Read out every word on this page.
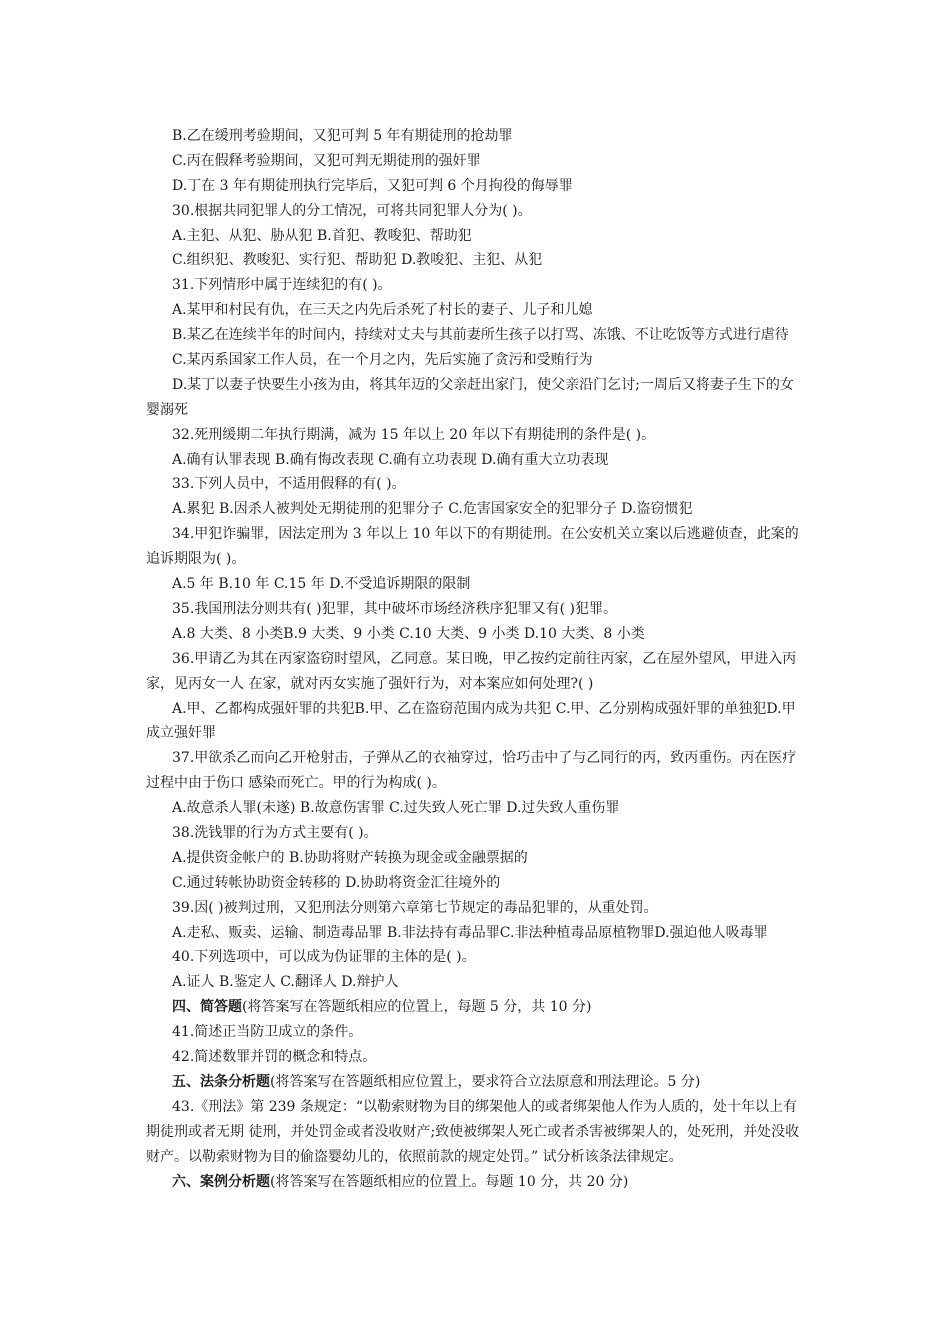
B.乙在缓刑考验期间，又犯可判 5 年有期徒刑的抢劫罪
C.丙在假释考验期间，又犯可判无期徒刑的强奸罪
D.丁在 3 年有期徒刑执行完毕后，又犯可判 6 个月拘役的侮辱罪
30.根据共同犯罪人的分工情况，可将共同犯罪人分为( )。
A.主犯、从犯、胁从犯 B.首犯、教唆犯、帮助犯
C.组织犯、教唆犯、实行犯、帮助犯 D.教唆犯、主犯、从犯
31.下列情形中属于连续犯的有( )。
A.某甲和村民有仇，在三天之内先后杀死了村长的妻子、儿子和儿媳
B.某乙在连续半年的时间内，持续对丈夫与其前妻所生孩子以打骂、冻饿、不让吃饭等方式进行虐待
C.某丙系国家工作人员，在一个月之内，先后实施了贪污和受贿行为
D.某丁以妻子快要生小孩为由，将其年迈的父亲赶出家门，使父亲沿门乞讨;一周后又将妻子生下的女婴溺死
32.死刑缓期二年执行期满，减为 15 年以上 20 年以下有期徒刑的条件是( )。
A.确有认罪表现 B.确有悔改表现 C.确有立功表现 D.确有重大立功表现
33.下列人员中，不适用假释的有( )。
A.累犯 B.因杀人被判处无期徒刑的犯罪分子 C.危害国家安全的犯罪分子 D.盗窃惯犯
34.甲犯诈骗罪，因法定刑为 3 年以上 10 年以下的有期徒刑。在公安机关立案以后逃避侦查，此案的追诉期限为( )。
A.5 年 B.10 年 C.15 年 D.不受追诉期限的限制
35.我国刑法分则共有( )犯罪，其中破坏市场经济秩序犯罪又有( )犯罪。
A.8 大类、8 小类B.9 大类、9 小类 C.10 大类、9 小类 D.10 大类、8 小类
36.甲请乙为其在丙家盗窃时望风，乙同意。某日晚，甲乙按约定前往丙家，乙在屋外望风，甲进入丙家，见丙女一人 在家，就对丙女实施了强奸行为，对本案应如何处理?( )
A.甲、乙都构成强奸罪的共犯B.甲、乙在盗窃范围内成为共犯 C.甲、乙分别构成强奸罪的单独犯D.甲成立强奸罪
37.甲欲杀乙而向乙开枪射击，子弹从乙的衣袖穿过，恰巧击中了与乙同行的丙，致丙重伤。丙在医疗过程中由于伤口 感染而死亡。甲的行为构成( )。
A.故意杀人罪(未遂) B.故意伤害罪 C.过失致人死亡罪 D.过失致人重伤罪
38.洗钱罪的行为方式主要有( )。
A.提供资金帐户的 B.协助将财产转换为现金或金融票据的
C.通过转帐协助资金转移的 D.协助将资金汇往境外的
39.因( )被判过刑，又犯刑法分则第六章第七节规定的毒品犯罪的，从重处罚。
A.走私、贩卖、运输、制造毒品罪 B.非法持有毒品罪C.非法种植毒品原植物罪D.强迫他人吸毒罪
40.下列选项中，可以成为伪证罪的主体的是( )。
A.证人 B.鉴定人 C.翻译人 D.辩护人
四、简答题(将答案写在答题纸相应的位置上，每题 5 分，共 10 分)
41.简述正当防卫成立的条件。
42.简述数罪并罚的概念和特点。
五、法条分析题(将答案写在答题纸相应位置上，要求符合立法原意和刑法理论。5 分)
43.《刑法》第 239 条规定：“以勒索财物为目的绑架他人的或者绑架他人作为人质的，处十年以上有期徒刑或者无期 徒刑，并处罚金或者没收财产;致使被绑架人死亡或者杀害被绑架人的，处死刑，并处没收财产。以勒索财物为目的偷盗婴幼儿的，依照前款的规定处罚。” 试分析该条法律规定。
六、案例分析题(将答案写在答题纸相应的位置上。每题 10 分，共 20 分)
